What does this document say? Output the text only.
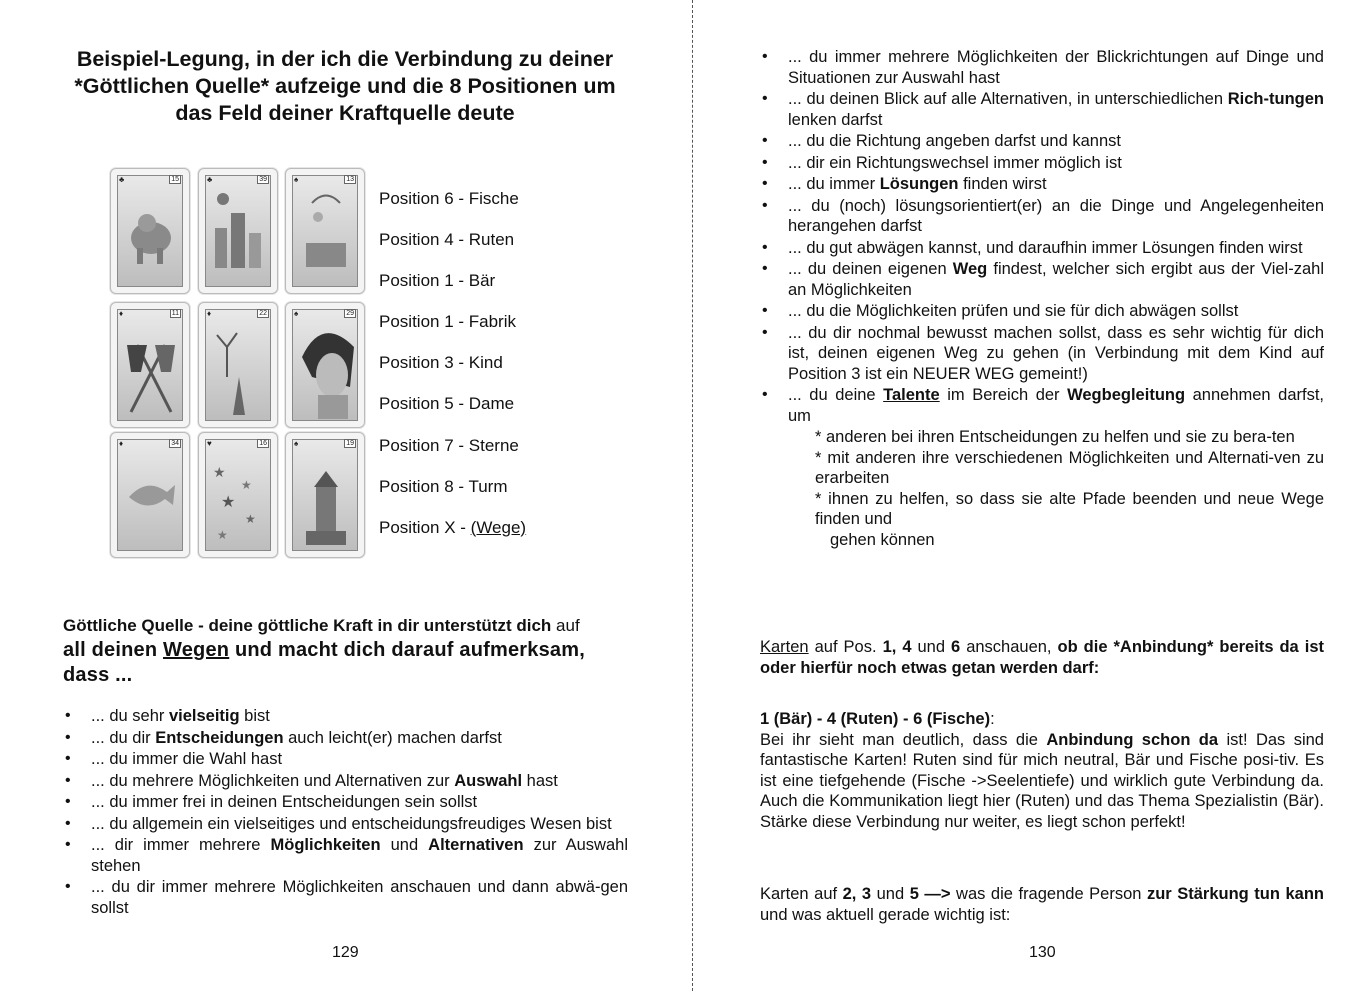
Beispiel-Legung, in der ich die Verbindung zu deiner *Göttlichen Quelle* aufzeige und die 8 Positionen um das Feld deiner Kraftquelle deute
♣	15	♣	39	♠	13
♦	11	♦	22	♠	29
♦	34	♥	16
★
★
★
★
★
♠	19
Position 6 - Fische
Position 4 - Ruten
Position 1 - Bär
Position 1 - Fabrik
Position 3 - Kind
Position 5 - Dame
Position 7 - Sterne
Position 8 - Turm
Position X - (Wege)
Göttliche Quelle - deine göttliche Kraft in dir unterstützt dich auf
all deinen Wegen und macht dich darauf aufmerksam, dass ...
• ... du sehr vielseitig bist
• ... du dir Entscheidungen auch leicht(er) machen darfst
• ... du immer die Wahl hast
• ... du mehrere Möglichkeiten und Alternativen zur Auswahl hast
• ... du immer frei in deinen Entscheidungen sein sollst
• ... du allgemein ein vielseitiges und entscheidungsfreudiges Wesen bist
• ... dir immer mehrere Möglichkeiten und Alternativen zur Auswahl stehen
• ... du dir immer mehrere Möglichkeiten anschauen und dann abwä-gen sollst
129
• ... du immer mehrere Möglichkeiten der Blickrichtungen auf Dinge und Situationen zur Auswahl hast
• ... du deinen Blick auf alle Alternativen, in unterschiedlichen Rich-tungen lenken darfst
• ... du die Richtung angeben darfst und kannst
• ... dir ein Richtungswechsel immer möglich ist
• ... du immer Lösungen finden wirst
• ... du (noch) lösungsorientiert(er) an die Dinge und Angelegenheiten herangehen darfst
• ... du gut abwägen kannst, und daraufhin immer Lösungen finden wirst
• ... du deinen eigenen Weg findest, welcher sich ergibt aus der Viel-zahl an Möglichkeiten
• ... du die Möglichkeiten prüfen und sie für dich abwägen sollst
• ... du dir nochmal bewusst machen sollst, dass es sehr wichtig für dich ist, deinen eigenen Weg zu gehen (in Verbindung mit dem Kind auf Position 3 ist ein NEUER WEG gemeint!)
• ... du deine Talente im Bereich der Wegbegleitung annehmen darfst, um
* anderen bei ihren Entscheidungen zu helfen und sie zu bera-ten
* mit anderen ihre verschiedenen Möglichkeiten und Alternati-ven zu erarbeiten
* ihnen zu helfen, so dass sie alte Pfade beenden und neue Wege finden und
gehen können
Karten auf Pos. 1, 4 und 6 anschauen, ob die *Anbindung* bereits da ist oder hierfür noch etwas getan werden darf:
1 (Bär) - 4 (Ruten) - 6 (Fische):
Bei ihr sieht man deutlich, dass die Anbindung schon da ist! Das sind fantastische Karten! Ruten sind für mich neutral, Bär und Fische posi-tiv. Es ist eine tiefgehende (Fische ->Seelentiefe) und wirklich gute Verbindung da. Auch die Kommunikation liegt hier (Ruten) und das Thema Spezialistin (Bär). Stärke diese Verbindung nur weiter, es liegt schon perfekt!
Karten auf 2, 3 und 5 —> was die fragende Person zur Stärkung tun kann und was aktuell gerade wichtig ist:
130
